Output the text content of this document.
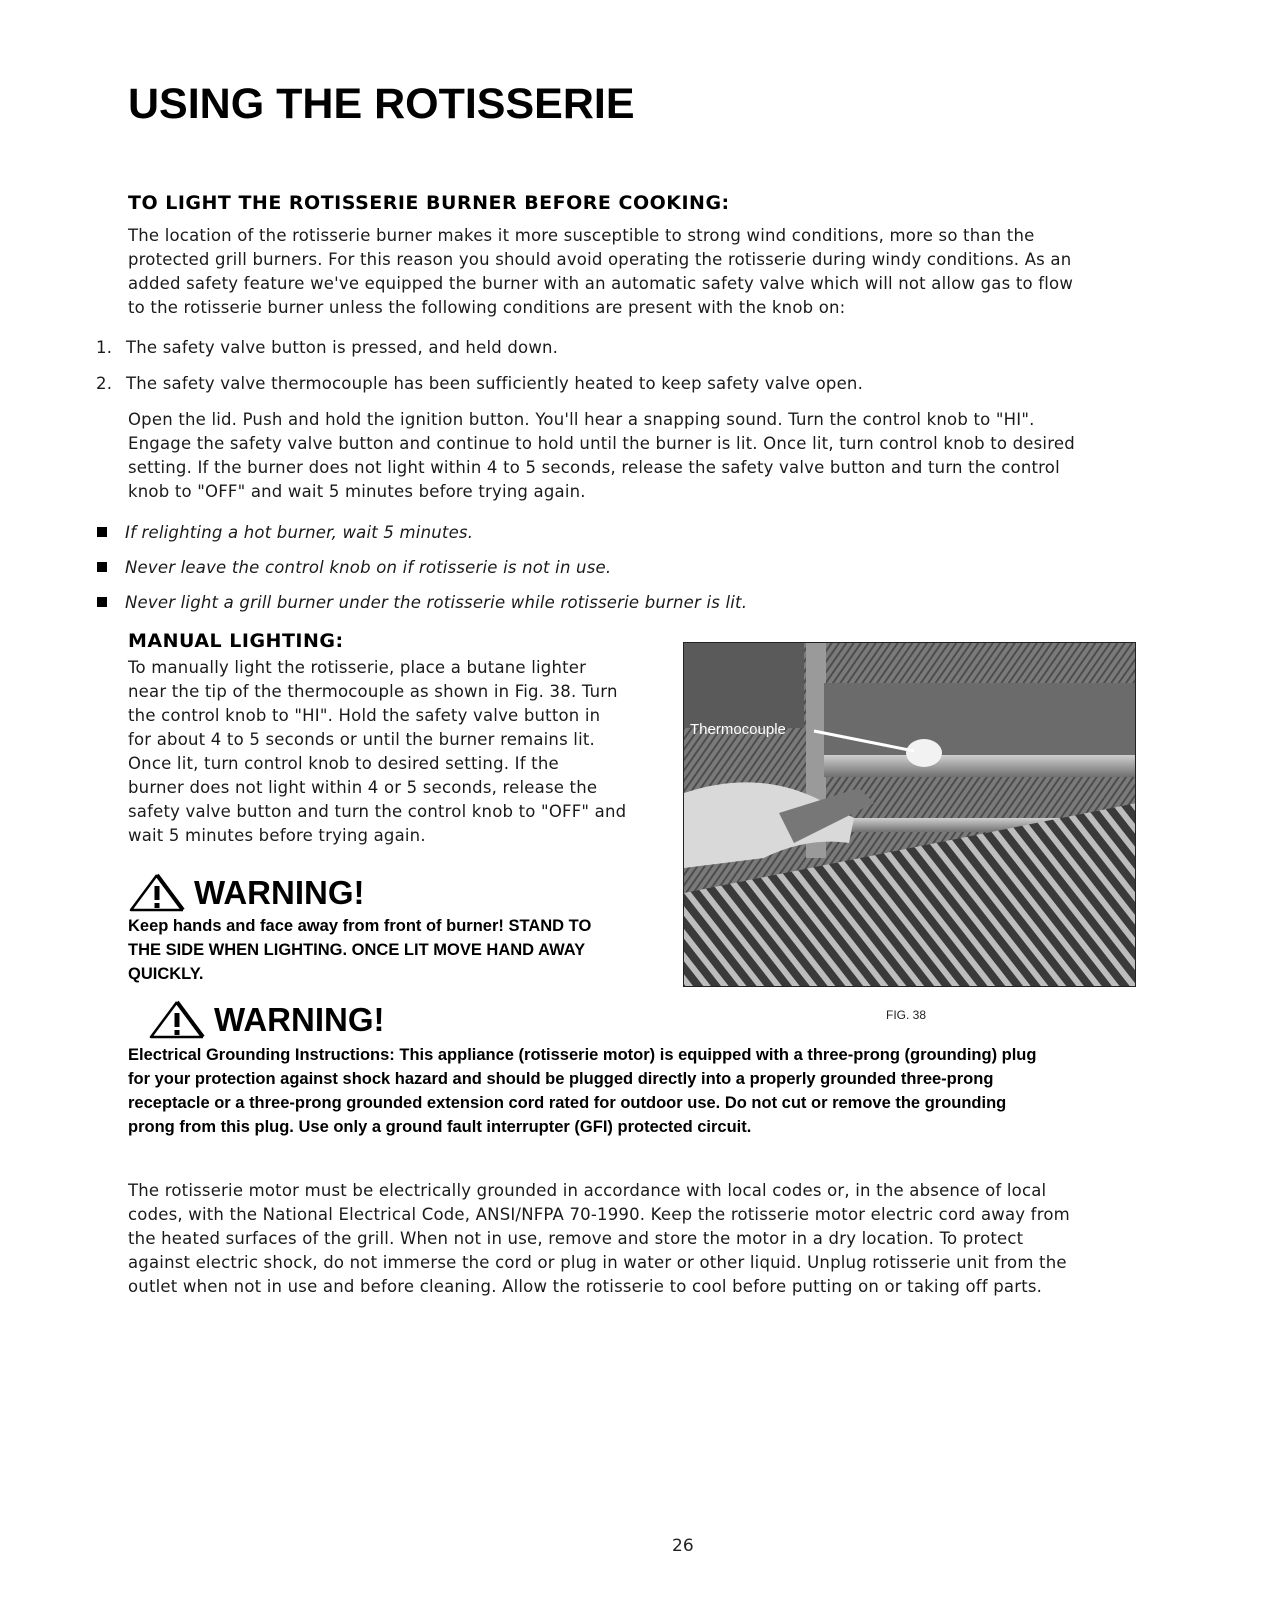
USING THE ROTISSERIE
TO LIGHT THE ROTISSERIE BURNER BEFORE COOKING:
The location of the rotisserie burner makes it more susceptible to strong wind conditions, more so than the
protected grill burners. For this reason you should avoid operating the rotisserie during windy conditions. As an
added safety feature we've equipped the burner with an automatic safety valve which will not allow gas to flow
to the rotisserie burner unless the following conditions are present with the knob on:
1. The safety valve button is pressed, and held down.
2. The safety valve thermocouple has been sufficiently heated to keep safety valve open.
Open the lid. Push and hold the ignition button. You'll hear a snapping sound. Turn the control knob to "HI".
Engage the safety valve button and continue to hold until the burner is lit. Once lit, turn control knob to desired
setting. If the burner does not light within 4 to 5 seconds, release the safety valve button and turn the control
knob to "OFF" and wait 5 minutes before trying again.
If relighting a hot burner, wait 5 minutes.
Never leave the control knob on if rotisserie is not in use.
Never light a grill burner under the rotisserie while rotisserie burner is lit.
MANUAL LIGHTING:
To manually light the rotisserie, place a butane lighter
near the tip of the thermocouple as shown in Fig. 38. Turn
the control knob to "HI". Hold the safety valve button in
for about 4 to 5 seconds or until the burner remains lit.
Once lit, turn control knob to desired setting. If the
burner does not light within 4 or 5 seconds, release the
safety valve button and turn the control knob to "OFF" and
wait 5 minutes before trying again.
WARNING!
Keep hands and face away from front of burner! STAND TO
THE SIDE WHEN LIGHTING. ONCE LIT MOVE HAND AWAY
QUICKLY.
Thermocouple
FIG. 38
WARNING!
Electrical Grounding Instructions: This appliance (rotisserie motor) is equipped with a three-prong (grounding) plug
for your protection against shock hazard and should be plugged directly into a properly grounded three-prong
receptacle or a three-prong grounded extension cord rated for outdoor use. Do not cut or remove the grounding
prong from this plug. Use only a ground fault interrupter (GFI) protected circuit.
The rotisserie motor must be electrically grounded in accordance with local codes or, in the absence of local
codes, with the National Electrical Code, ANSI/NFPA 70-1990. Keep the rotisserie motor electric cord away from
the heated surfaces of the grill. When not in use, remove and store the motor in a dry location. To protect
against electric shock, do not immerse the cord or plug in water or other liquid. Unplug rotisserie unit from the
outlet when not in use and before cleaning. Allow the rotisserie to cool before putting on or taking off parts.
26
